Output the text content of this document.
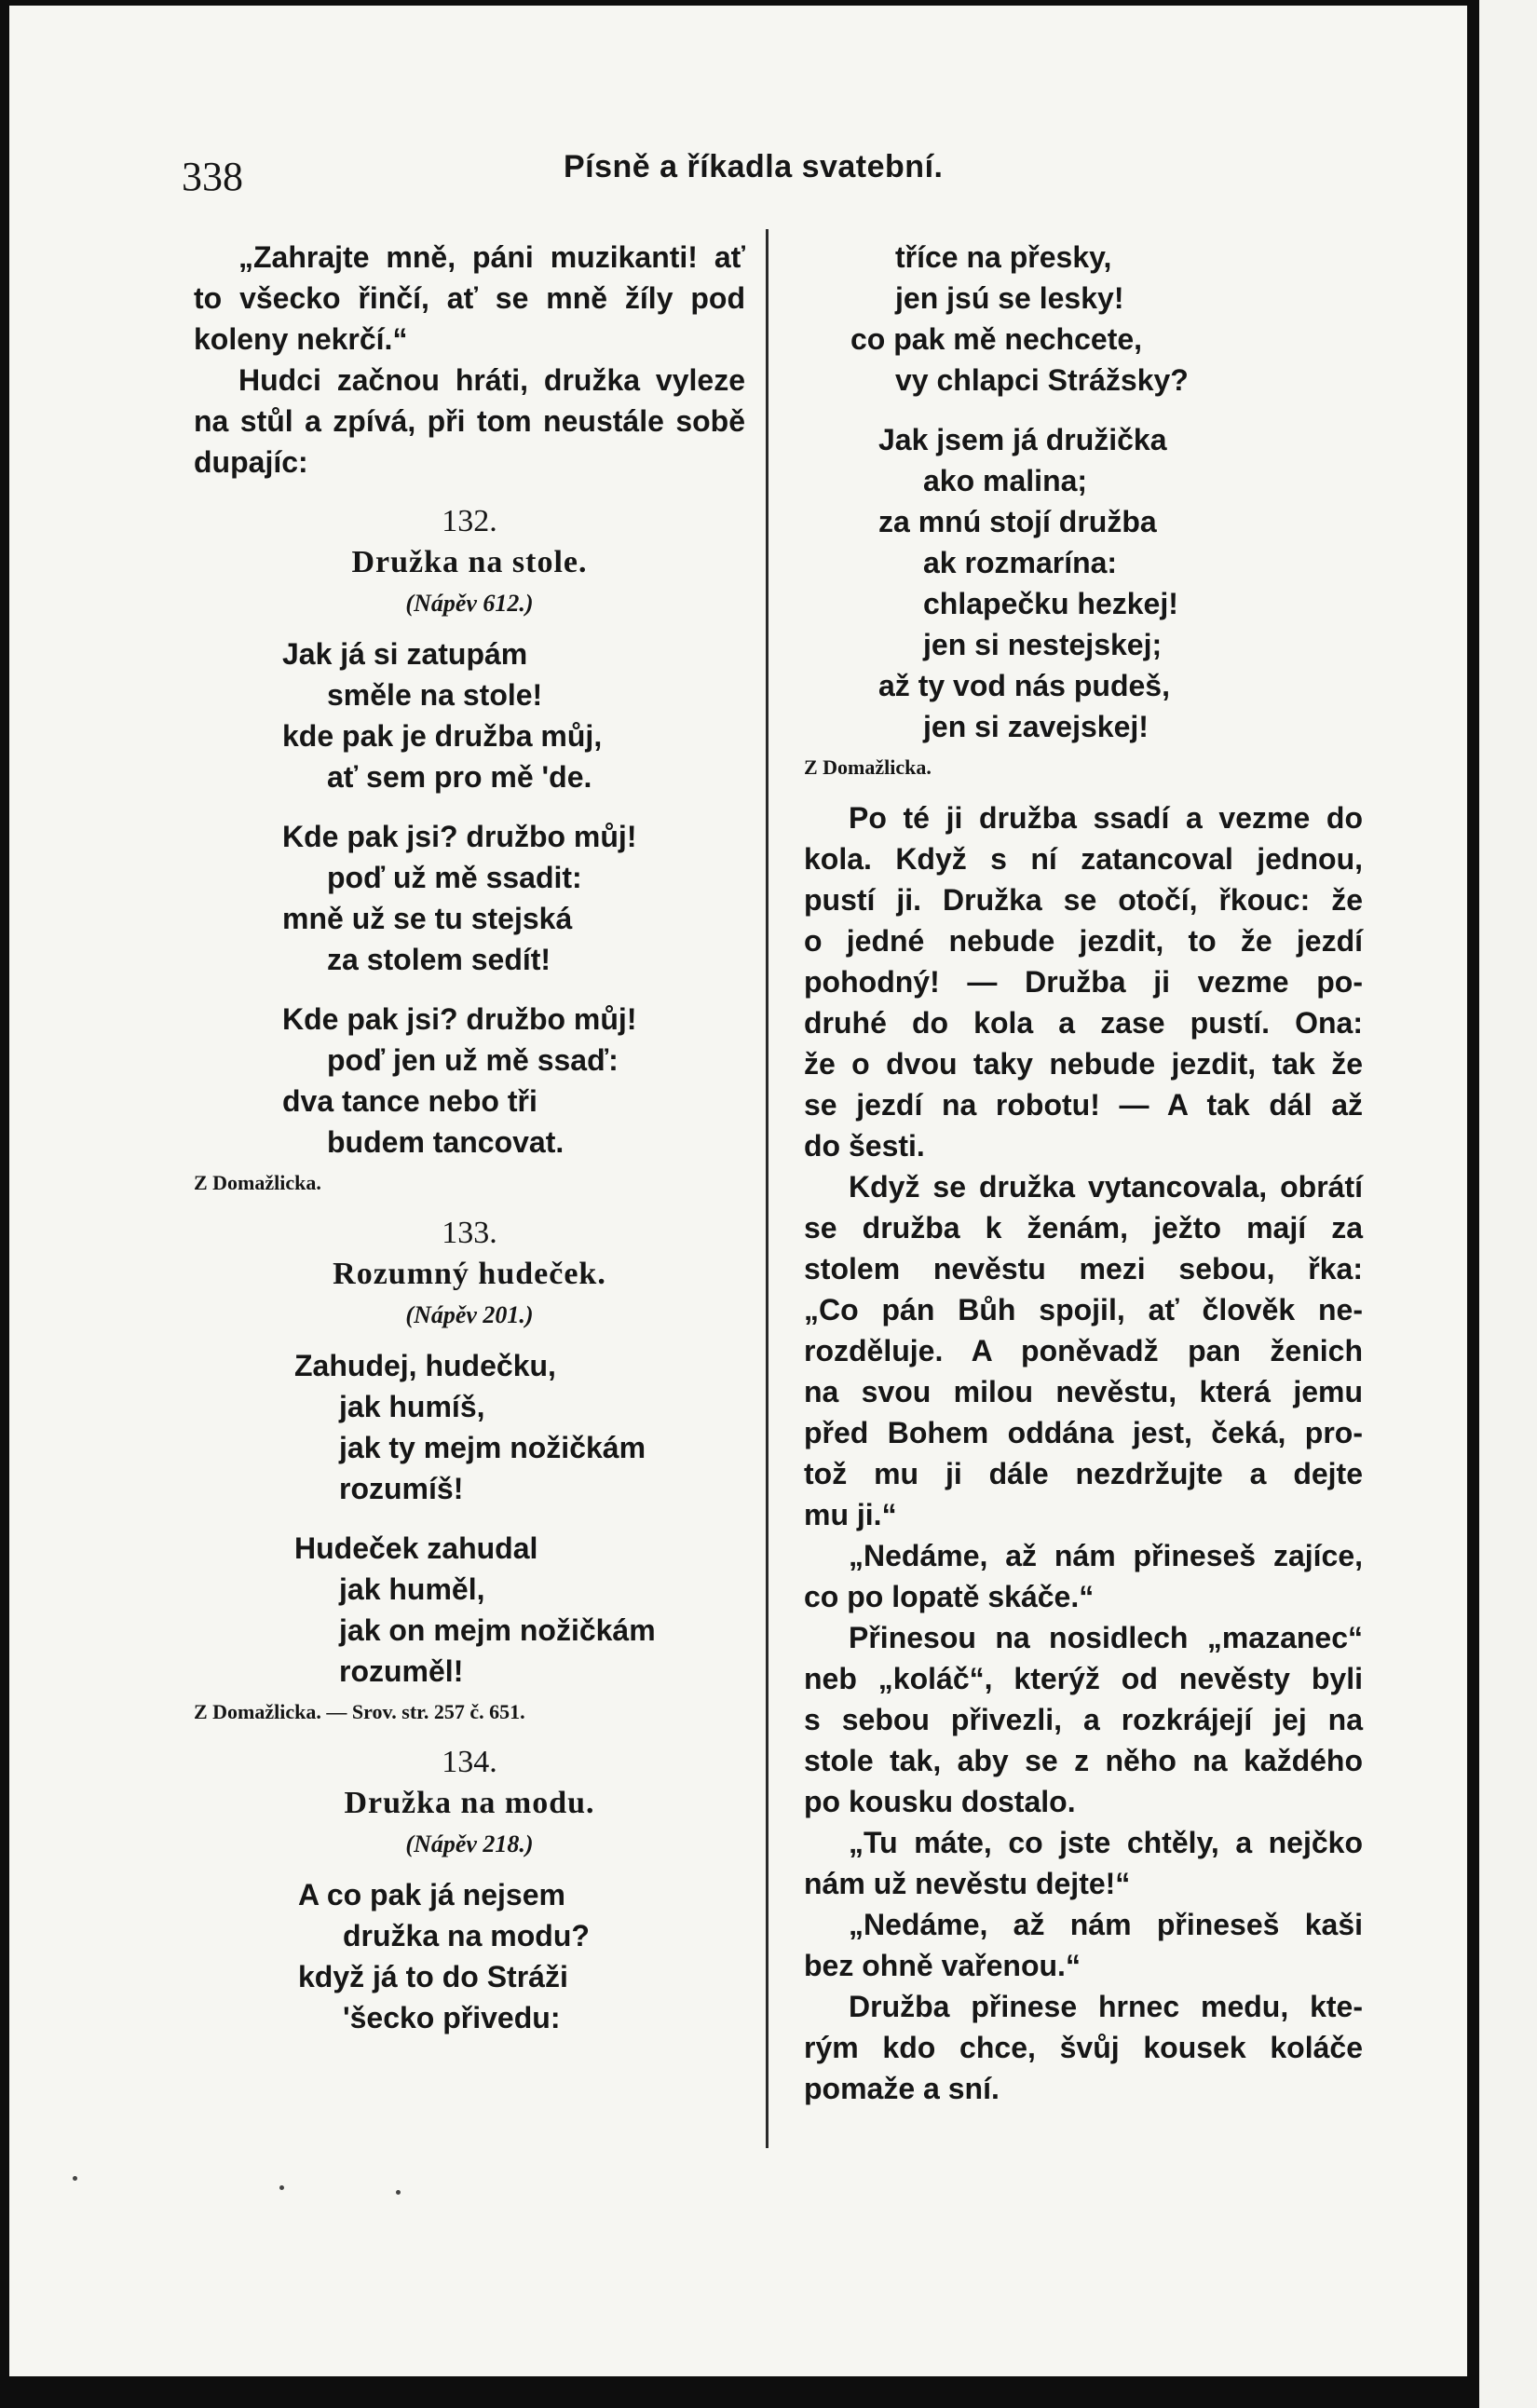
338	Písně a říkadla svatební.
„Zahrajte mně, páni muzikanti! ať
to všecko řinčí, ať se mně žíly pod
koleny nekrčí.“
Hudci začnou hráti, družka vyleze
na stůl a zpívá, při tom neustále sobě
dupajíc:
132.
Družka na stole.
(Nápěv 612.)
Jak já si zatupám
směle na stole!
kde pak je družba můj,
ať sem pro mě 'de.
Kde pak jsi? družbo můj!
poď už mě ssadit:
mně už se tu stejská
za stolem sedít!
Kde pak jsi? družbo můj!
poď jen už mě ssaď:
dva tance nebo tři
budem tancovat.
Z Domažlicka.
133.
Rozumný hudeček.
(Nápěv 201.)
Zahudej, hudečku,
jak humíš,
jak ty mejm nožičkám
rozumíš!
Hudeček zahudal
jak huměl,
jak on mejm nožičkám
rozuměl!
Z Domažlicka. — Srov. str. 257 č. 651.
134.
Družka na modu.
(Nápěv 218.)
A co pak já nejsem
družka na modu?
když já to do Stráži
'šecko přivedu:
tříce na přesky,
jen jsú se lesky!
co pak mě nechcete,
vy chlapci Strážsky?
Jak jsem já družička
ako malina;
za mnú stojí družba
ak rozmarína:
chlapečku hezkej!
jen si nestejskej;
až ty vod nás pudeš,
jen si zavejskej!
Z Domažlicka.
Po té ji družba ssadí a vezme do
kola. Když s ní zatancoval jednou,
pustí ji. Družka se otočí, řkouc: že
o jedné nebude jezdit, to že jezdí
pohodný! — Družba ji vezme po-
druhé do kola a zase pustí. Ona:
že o dvou taky nebude jezdit, tak že
se jezdí na robotu! — A tak dál až
do šesti.
Když se družka vytancovala, obrátí
se družba k ženám, ježto mají za
stolem nevěstu mezi sebou, řka:
„Co pán Bůh spojil, ať člověk ne-
rozděluje. A poněvadž pan ženich
na svou milou nevěstu, která jemu
před Bohem oddána jest, čeká, pro-
tož mu ji dále nezdržujte a dejte
mu ji.“
„Nedáme, až nám přineseš zajíce,
co po lopatě skáče.“
Přinesou na nosidlech „mazanec“
neb „koláč“, kterýž od nevěsty byli
s sebou přivezli, a rozkrájejí jej na
stole tak, aby se z něho na každého
po kousku dostalo.
„Tu máte, co jste chtěly, a nejčko
nám už nevěstu dejte!“
„Nedáme, až nám přineseš kaši
bez ohně vařenou.“
Družba přinese hrnec medu, kte-
rým kdo chce, švůj kousek koláče
pomaže a sní.
